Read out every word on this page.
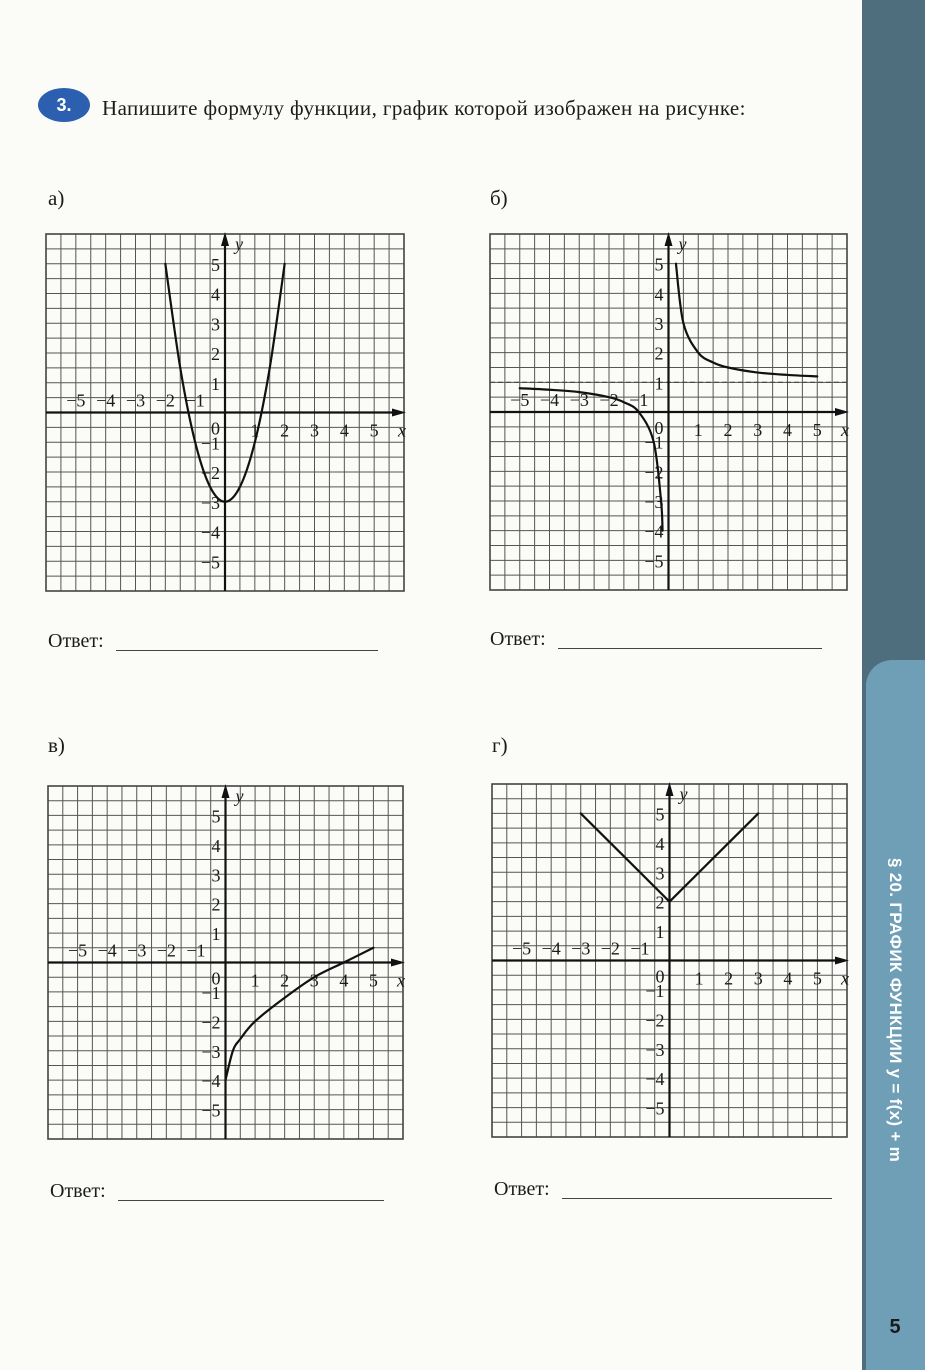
§ 20. ГРАФИК ФУНКЦИИ y = f(x) + m
5
Напишите формулу функции, график которой изображен на рисунке:
3.
а)	б)
в)	г)
−5 −4 −3 −2 −1
1 2 3 4 5
5
4
3
2
1
−1
−2
−3
−4
−5
0	x
y
−5 −4 −3 −2 −1
1 2 3 4 5
5
4
3
2
1
−1
−2
−3
−4
−5
0	x
y
−5 −4 −3 −2 −1
1 2 3 4 5
5
4
3
2
1
−1
−2
−3
−4
−5
0	x
y
−5 −4 −3 −2 −1
1 2 3 4 5
5
4
3
2
1
−1
−2
−3
−4
−5
0	x
y
Ответ:	Ответ:
Ответ:	Ответ:
